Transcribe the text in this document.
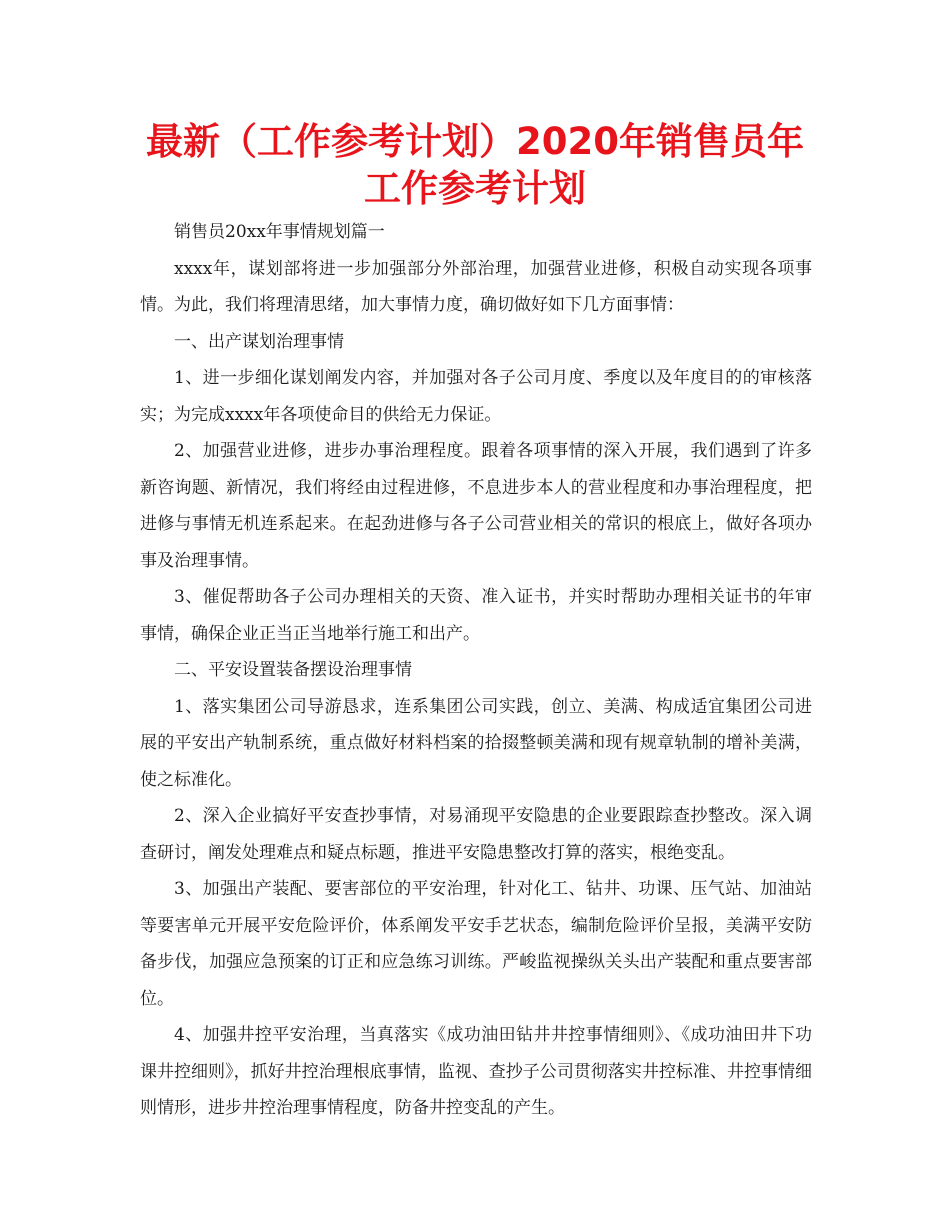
最新（工作参考计划）2020年销售员年工作参考计划

销售员20xx年事情规划篇一

xxxx年，谋划部将进一步加强部分外部治理，加强营业进修，积极自动实现各项事情。为此，我们将理清思绪，加大事情力度，确切做好如下几方面事情：

一、出产谋划治理事情

1、进一步细化谋划阐发内容，并加强对各子公司月度、季度以及年度目的的审核落实；为完成xxxx年各项使命目的供给无力保证。

2、加强营业进修，进步办事治理程度。跟着各项事情的深入开展，我们遇到了许多新咨询题、新情况，我们将经由过程进修，不息进步本人的营业程度和办事治理程度，把进修与事情无机连系起来。在起劲进修与各子公司营业相关的常识的根底上，做好各项办事及治理事情。

3、催促帮助各子公司办理相关的天资、准入证书，并实时帮助办理相关证书的年审事情，确保企业正当正当地举行施工和出产。

二、平安设置装备摆设治理事情

1、落实集团公司导游恳求，连系集团公司实践，创立、美满、构成适宜集团公司进展的平安出产轨制系统，重点做好材料档案的拾掇整顿美满和现有规章轨制的增补美满，使之标准化。

2、深入企业搞好平安查抄事情，对易涌现平安隐患的企业要跟踪查抄整改。深入调查研讨，阐发处理难点和疑点标题，推进平安隐患整改打算的落实，根绝变乱。

3、加强出产装配、要害部位的平安治理，针对化工、钻井、功课、压气站、加油站等要害单元开展平安危险评价，体系阐发平安手艺状态，编制危险评价呈报，美满平安防备步伐，加强应急预案的订正和应急练习训练。严峻监视操纵关头出产装配和重点要害部位。

4、加强井控平安治理，当真落实《成功油田钻井井控事情细则》、《成功油田井下功课井控细则》，抓好井控治理根底事情，监视、查抄子公司贯彻落实井控标准、井控事情细则情形，进步井控治理事情程度，防备井控变乱的产生。
